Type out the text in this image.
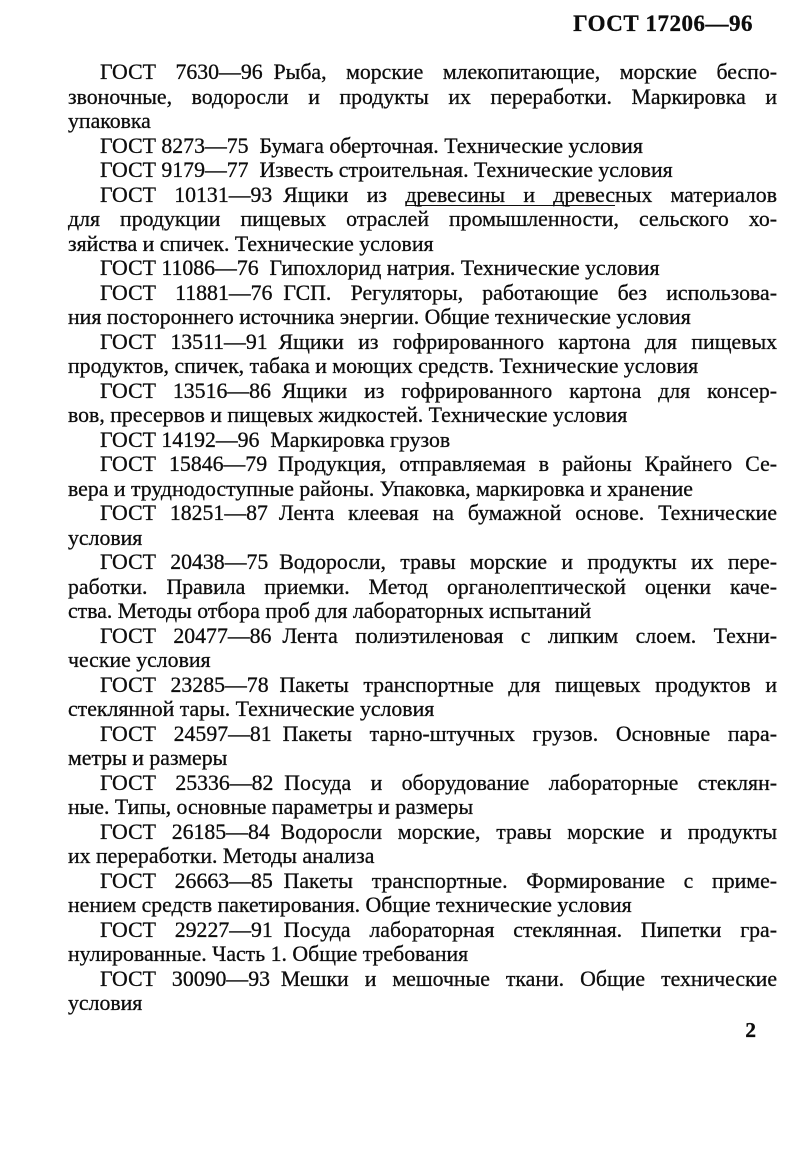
ГОСТ 17206—96

ГОСТ 7630—96 Рыба, морские млекопитающие, морские беспо-
звоночные, водоросли и продукты их переработки. Маркировка и
упаковка

ГОСТ 8273—75 Бумага оберточная. Технические условия

ГОСТ 9179—77 Известь строительная. Технические условия

ГОСТ 10131—93 Ящики из древесины и древесных материалов
для продукции пищевых отраслей промышленности, сельского хо-
зяйства и спичек. Технические условия

ГОСТ 11086—76 Гипохлорид натрия. Технические условия

ГОСТ 11881—76 ГСП. Регуляторы, работающие без использова-
ния постороннего источника энергии. Общие технические условия

ГОСТ 13511—91 Ящики из гофрированного картона для пищевых
продуктов, спичек, табака и моющих средств. Технические условия

ГОСТ 13516—86 Ящики из гофрированного картона для консер-
вов, пресервов и пищевых жидкостей. Технические условия

ГОСТ 14192—96 Маркировка грузов

ГОСТ 15846—79 Продукция, отправляемая в районы Крайнего Се-
вера и труднодоступные районы. Упаковка, маркировка и хранение

ГОСТ 18251—87 Лента клеевая на бумажной основе. Технические
условия

ГОСТ 20438—75 Водоросли, травы морские и продукты их пере-
работки. Правила приемки. Метод органолептической оценки каче-
ства. Методы отбора проб для лабораторных испытаний

ГОСТ 20477—86 Лента полиэтиленовая с липким слоем. Техни-
ческие условия

ГОСТ 23285—78 Пакеты транспортные для пищевых продуктов и
стеклянной тары. Технические условия

ГОСТ 24597—81 Пакеты тарно-штучных грузов. Основные пара-
метры и размеры

ГОСТ 25336—82 Посуда и оборудование лабораторные стеклян-
ные. Типы, основные параметры и размеры

ГОСТ 26185—84 Водоросли морские, травы морские и продукты
их переработки. Методы анализа

ГОСТ 26663—85 Пакеты транспортные. Формирование с приме-
нением средств пакетирования. Общие технические условия

ГОСТ 29227—91 Посуда лабораторная стеклянная. Пипетки гра-
нулированные. Часть 1. Общие требования

ГОСТ 30090—93 Мешки и мешочные ткани. Общие технические
условия

2
